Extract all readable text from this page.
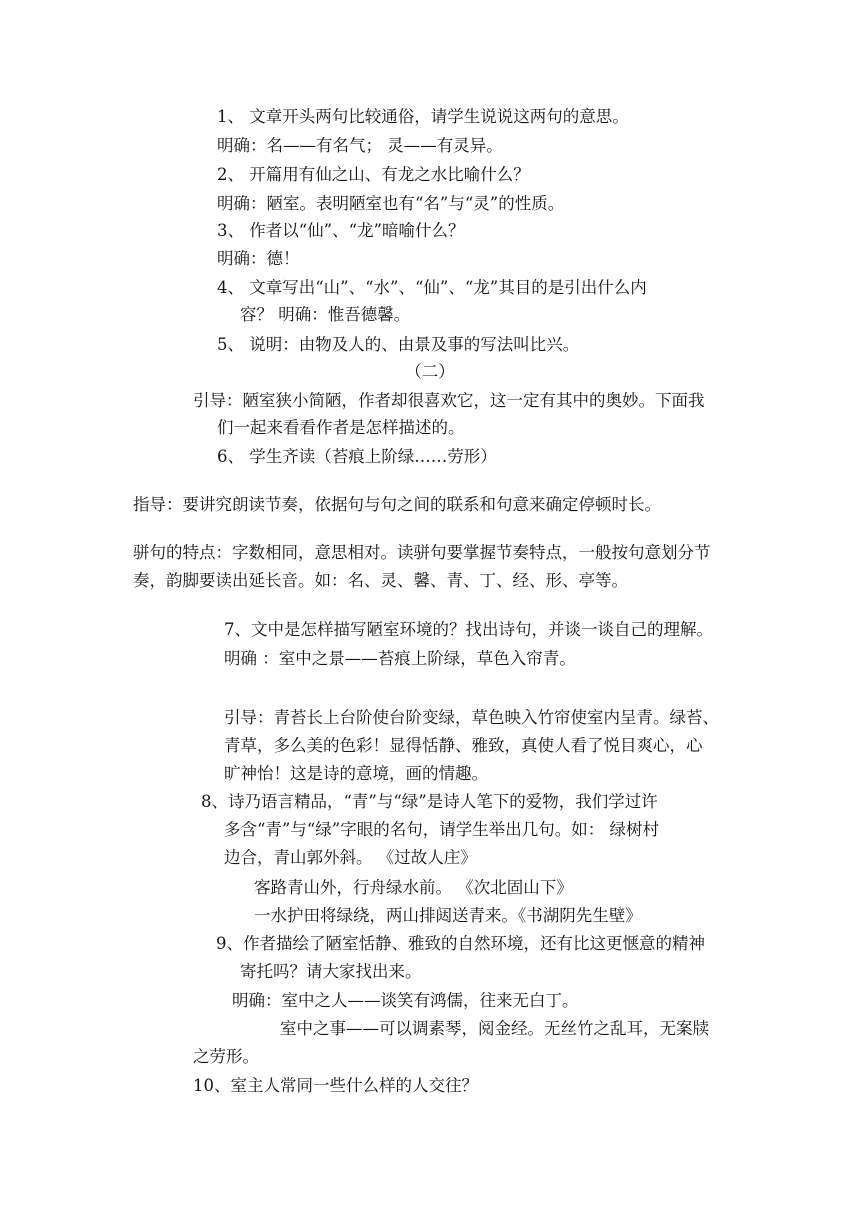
1、 文章开头两句比较通俗，请学生说说这两句的意思。
明确：名——有名气； 灵——有灵异。
2、 开篇用有仙之山、有龙之水比喻什么？
明确：陋室。表明陋室也有“名”与“灵”的性质。
3、 作者以“仙”、“龙”暗喻什么？
明确：德！
4、 文章写出“山”、“水”、“仙”、“龙”其目的是引出什么内
容？ 明确：惟吾德馨。
5、 说明：由物及人的、由景及事的写法叫比兴。
（二）
引导：陋室狭小简陋，作者却很喜欢它，这一定有其中的奥妙。下面我
们一起来看看作者是怎样描述的。
6、 学生齐读（苔痕上阶绿……劳形）
指导：要讲究朗读节奏，依据句与句之间的联系和句意来确定停顿时长。
骈句的特点：字数相同，意思相对。读骈句要掌握节奏特点，一般按句意划分节
奏，韵脚要读出延长音。如：名、灵、馨、青、丁、经、形、亭等。
7、文中是怎样描写陋室环境的？找出诗句，并谈一谈自己的理解。
明确 ：室中之景——苔痕上阶绿，草色入帘青。
引导：青苔长上台阶使台阶变绿，草色映入竹帘使室内呈青。绿苔、
青草，多么美的色彩！显得恬静、雅致，真使人看了悦目爽心，心
旷神怡！这是诗的意境，画的情趣。
8、诗乃语言精品，“青”与“绿”是诗人笔下的爱物，我们学过许
多含“青”与“绿”字眼的名句，请学生举出几句。如： 绿树村
边合，青山郭外斜。 《过故人庄》
客路青山外，行舟绿水前。 《次北固山下》
一水护田将绿绕，两山排闼送青来。《书湖阴先生壁》
9、作者描绘了陋室恬静、雅致的自然环境，还有比这更惬意的精神
寄托吗？请大家找出来。
明确：室中之人——谈笑有鸿儒，往来无白丁。
室中之事——可以调素琴，阅金经。无丝竹之乱耳，无案牍
之劳形。
10、室主人常同一些什么样的人交往？
